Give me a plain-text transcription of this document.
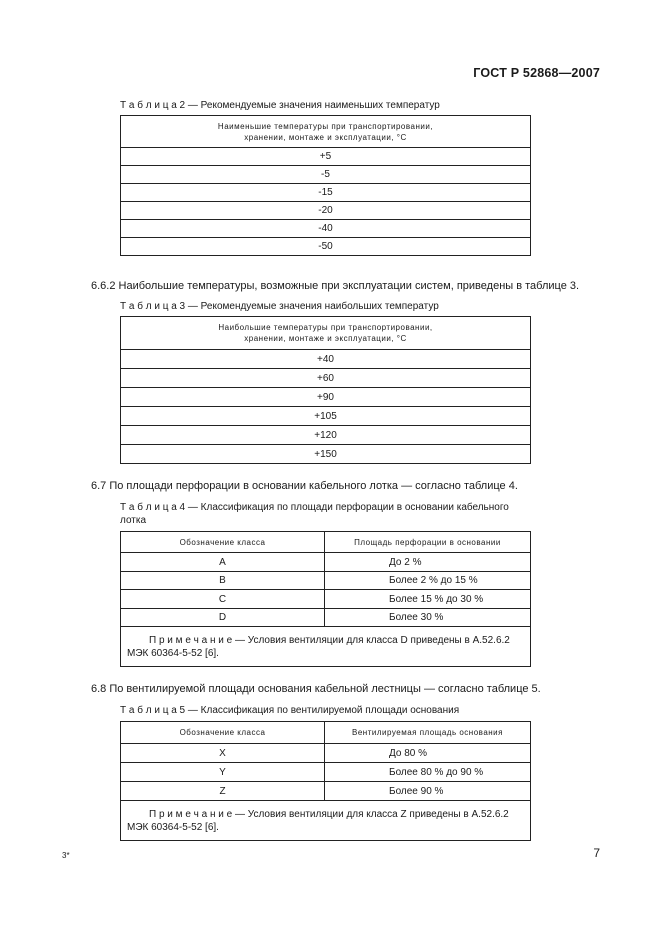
ГОСТ Р 52868—2007
Т а б л и ц а 2 — Рекомендуемые значения наименьших температур
Наименьшие температуры при транспортировании,
хранении, монтаже и эксплуатации, °С
+5
-5
-15
-20
-40
-50
6.6.2 Наибольшие температуры, возможные при эксплуатации систем, приведены в таблице 3.
Т а б л и ц а 3 — Рекомендуемые значения наибольших температур
Наибольшие температуры при транспортировании,
хранении, монтаже и эксплуатации, °С
+40
+60
+90
+105
+120
+150
6.7 По площади перфорации в основании кабельного лотка — согласно таблице 4.
Т а б л и ц а 4 — Классификация по площади перфорации в основании кабельного
лотка
Обозначение класса	Площадь перфорации в основании
A	До 2 %
B	Более 2 % до 15 %
C	Более 15 % до 30 %
D	Более 30 %
П р и м е ч а н и е — Условия вентиляции для класса D приведены в А.52.6.2
МЭК 60364-5-52 [6].	
6.8 По вентилируемой площади основания кабельной лестницы — согласно таблице 5.
Т а б л и ц а 5 — Классификация по вентилируемой площади основания
Обозначение класса	Вентилируемая площадь основания
X	До 80 %
Y	Более 80 % до 90 %
Z	Более 90 %
П р и м е ч а н и е — Условия вентиляции для класса Z приведены в А.52.6.2
МЭК 60364-5-52 [6].	
3*	7
